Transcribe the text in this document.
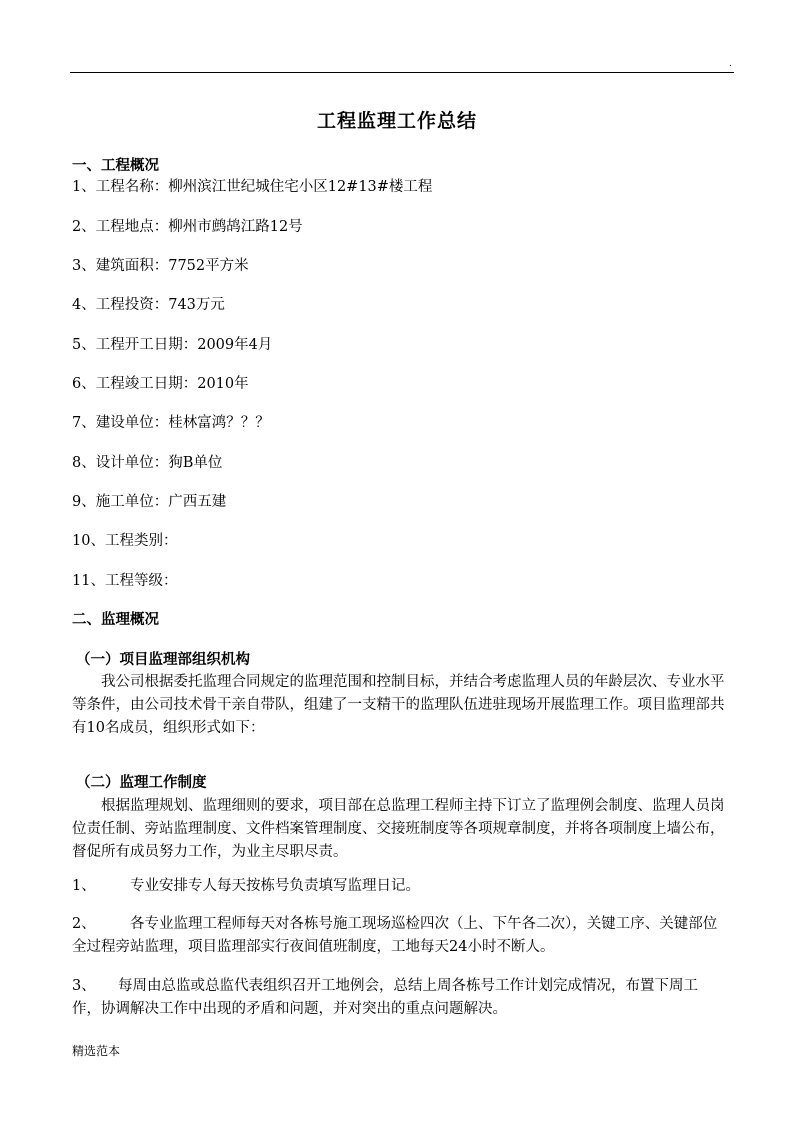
.
工程监理工作总结

一、工程概况

1、工程名称：柳州滨江世纪城住宅小区12#13#楼工程

2、工程地点：柳州市鹧鸪江路12号

3、建筑面积：7752平方米

4、工程投资：743万元

5、工程开工日期：2009年4月

6、工程竣工日期：2010年

7、建设单位：桂林富鸿？？？

8、设计单位：狗B单位

9、施工单位：广西五建

10、工程类别：

11、工程等级：

二、监理概况

（一）项目监理部组织机构

我公司根据委托监理合同规定的监理范围和控制目标，并结合考虑监理人员的年龄层次、专业水平等条件，由公司技术骨干亲自带队，组建了一支精干的监理队伍进驻现场开展监理工作。项目监理部共有10名成员，组织形式如下：

（二）监理工作制度

根据监理规划、监理细则的要求，项目部在总监理工程师主持下订立了监理例会制度、监理人员岗位责任制、旁站监理制度、文件档案管理制度、交接班制度等各项规章制度，并将各项制度上墙公布，督促所有成员努力工作，为业主尽职尽责。

1、 专业安排专人每天按栋号负责填写监理日记。

2、 各专业监理工程师每天对各栋号施工现场巡检四次（上、下午各二次），关键工序、关键部位全过程旁站监理，项目监理部实行夜间值班制度，工地每天24小时不断人。

3、 每周由总监或总监代表组织召开工地例会，总结上周各栋号工作计划完成情况，布置下周工作，协调解决工作中出现的矛盾和问题，并对突出的重点问题解决。

精选范本
